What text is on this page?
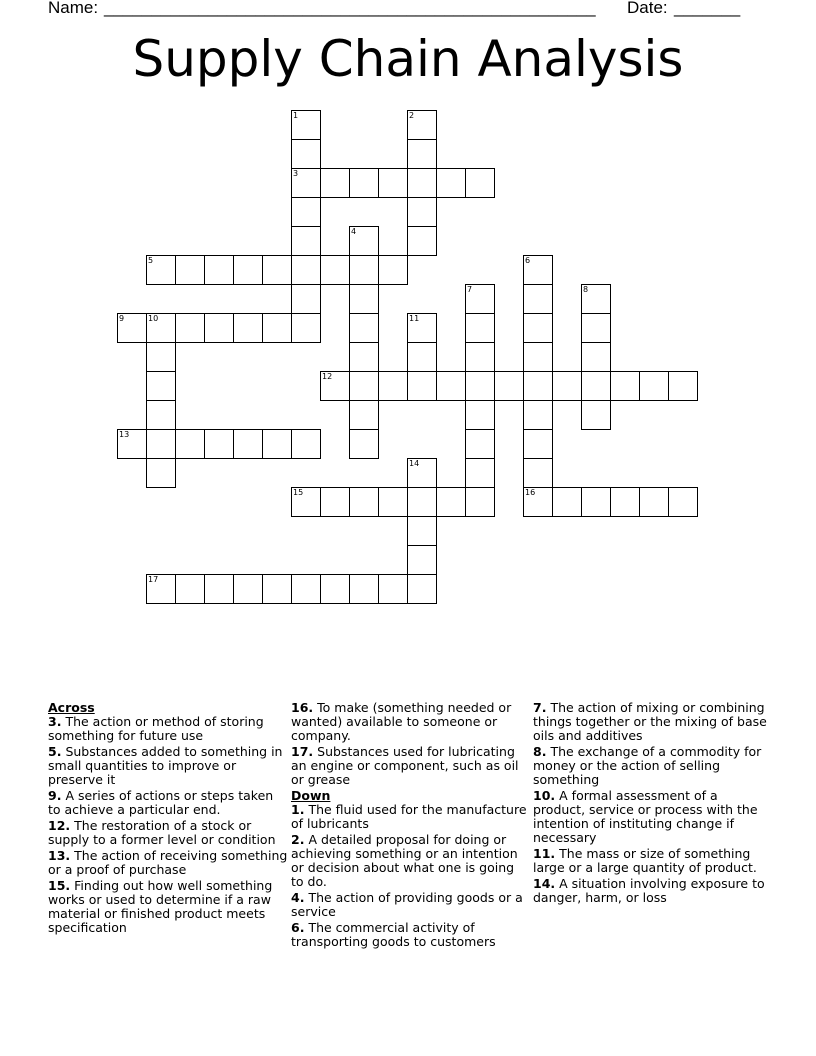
Name: ____________________________________________________ Date: _______
Supply Chain Analysis
1
3
2
4
5	6
16
7	8
9	10	11
12
13
14
15
17
Across
3. The action or method of storing something for future use
5. Substances added to something in small quantities to improve or preserve it
9. A series of actions or steps taken to achieve a particular end.
12. The restoration of a stock or supply to a former level or condition
13. The action of receiving something or a proof of purchase
15. Finding out how well something works or used to determine if a raw material or finished product meets specification
16. To make (something needed or wanted) available to someone or company.
17. Substances used for lubricating an engine or component, such as oil or grease
Down
1. The fluid used for the manufacture of lubricants
2. A detailed proposal for doing or achieving something or an intention or decision about what one is going to do.
4. The action of providing goods or a service
6. The commercial activity of transporting goods to customers
7. The action of mixing or combining things together or the mixing of base oils and additives
8. The exchange of a commodity for money or the action of selling something
10. A formal assessment of a product, service or process with the intention of instituting change if necessary
11. The mass or size of something large or a large quantity of product.
14. A situation involving exposure to danger, harm, or loss
